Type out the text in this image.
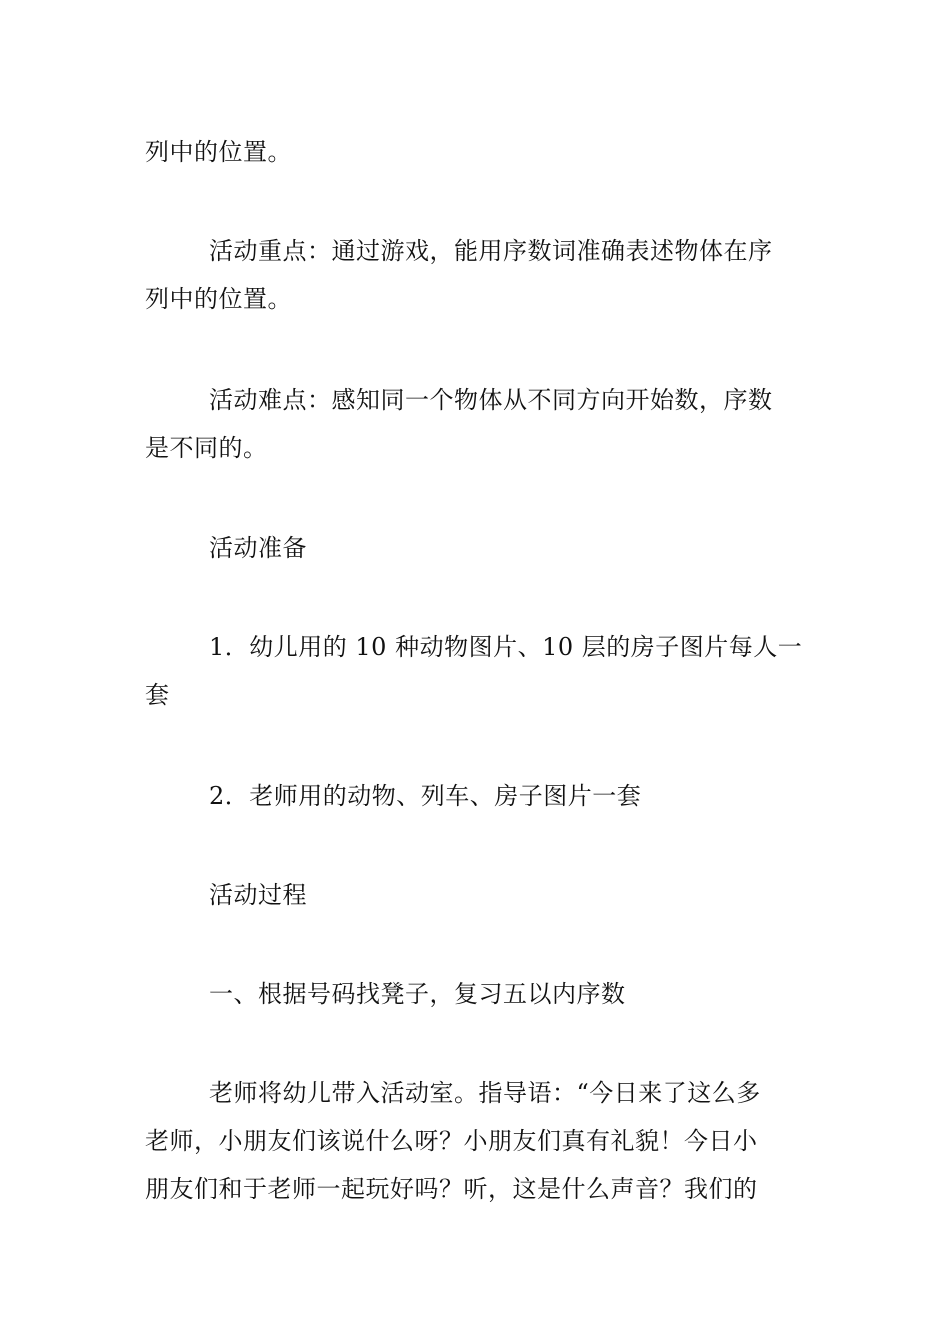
列中的位置。

活动重点：通过游戏，能用序数词准确表述物体在序
列中的位置。

活动难点：感知同一个物体从不同方向开始数，序数
是不同的。

活动准备

1．幼儿用的 10 种动物图片、10 层的房子图片每人一
套

2．老师用的动物、列车、房子图片一套

活动过程

一、根据号码找凳子，复习五以内序数

老师将幼儿带入活动室。指导语：“今日来了这么多
老师，小朋友们该说什么呀？小朋友们真有礼貌！今日小
朋友们和于老师一起玩好吗？听，这是什么声音？我们的
